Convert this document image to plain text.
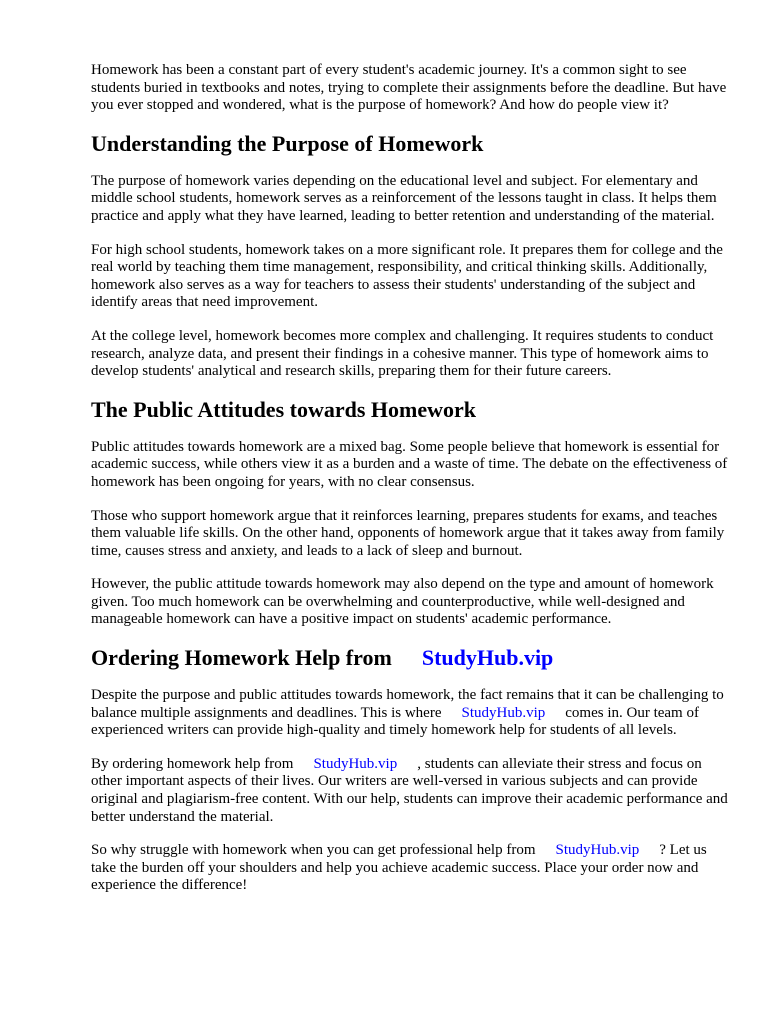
Homework has been a constant part of every student's academic journey. It's a common sight to see students buried in textbooks and notes, trying to complete their assignments before the deadline. But have you ever stopped and wondered, what is the purpose of homework? And how do people view it?

Understanding the Purpose of Homework

The purpose of homework varies depending on the educational level and subject. For elementary and middle school students, homework serves as a reinforcement of the lessons taught in class. It helps them practice and apply what they have learned, leading to better retention and understanding of the material.

For high school students, homework takes on a more significant role. It prepares them for college and the real world by teaching them time management, responsibility, and critical thinking skills. Additionally, homework also serves as a way for teachers to assess their students' understanding of the subject and identify areas that need improvement.

At the college level, homework becomes more complex and challenging. It requires students to conduct research, analyze data, and present their findings in a cohesive manner. This type of homework aims to develop students' analytical and research skills, preparing them for their future careers.

The Public Attitudes towards Homework

Public attitudes towards homework are a mixed bag. Some people believe that homework is essential for academic success, while others view it as a burden and a waste of time. The debate on the effectiveness of homework has been ongoing for years, with no clear consensus.

Those who support homework argue that it reinforces learning, prepares students for exams, and teaches them valuable life skills. On the other hand, opponents of homework argue that it takes away from family time, causes stress and anxiety, and leads to a lack of sleep and burnout.

However, the public attitude towards homework may also depend on the type and amount of homework given. Too much homework can be overwhelming and counterproductive, while well-designed and manageable homework can have a positive impact on students' academic performance.

Ordering Homework Help from StudyHub.vip

Despite the purpose and public attitudes towards homework, the fact remains that it can be challenging to balance multiple assignments and deadlines. This is where StudyHub.vip comes in. Our team of experienced writers can provide high-quality and timely homework help for students of all levels.

By ordering homework help from StudyHub.vip , students can alleviate their stress and focus on other important aspects of their lives. Our writers are well-versed in various subjects and can provide original and plagiarism-free content. With our help, students can improve their academic performance and better understand the material.

So why struggle with homework when you can get professional help from StudyHub.vip ? Let us take the burden off your shoulders and help you achieve academic success. Place your order now and experience the difference!
